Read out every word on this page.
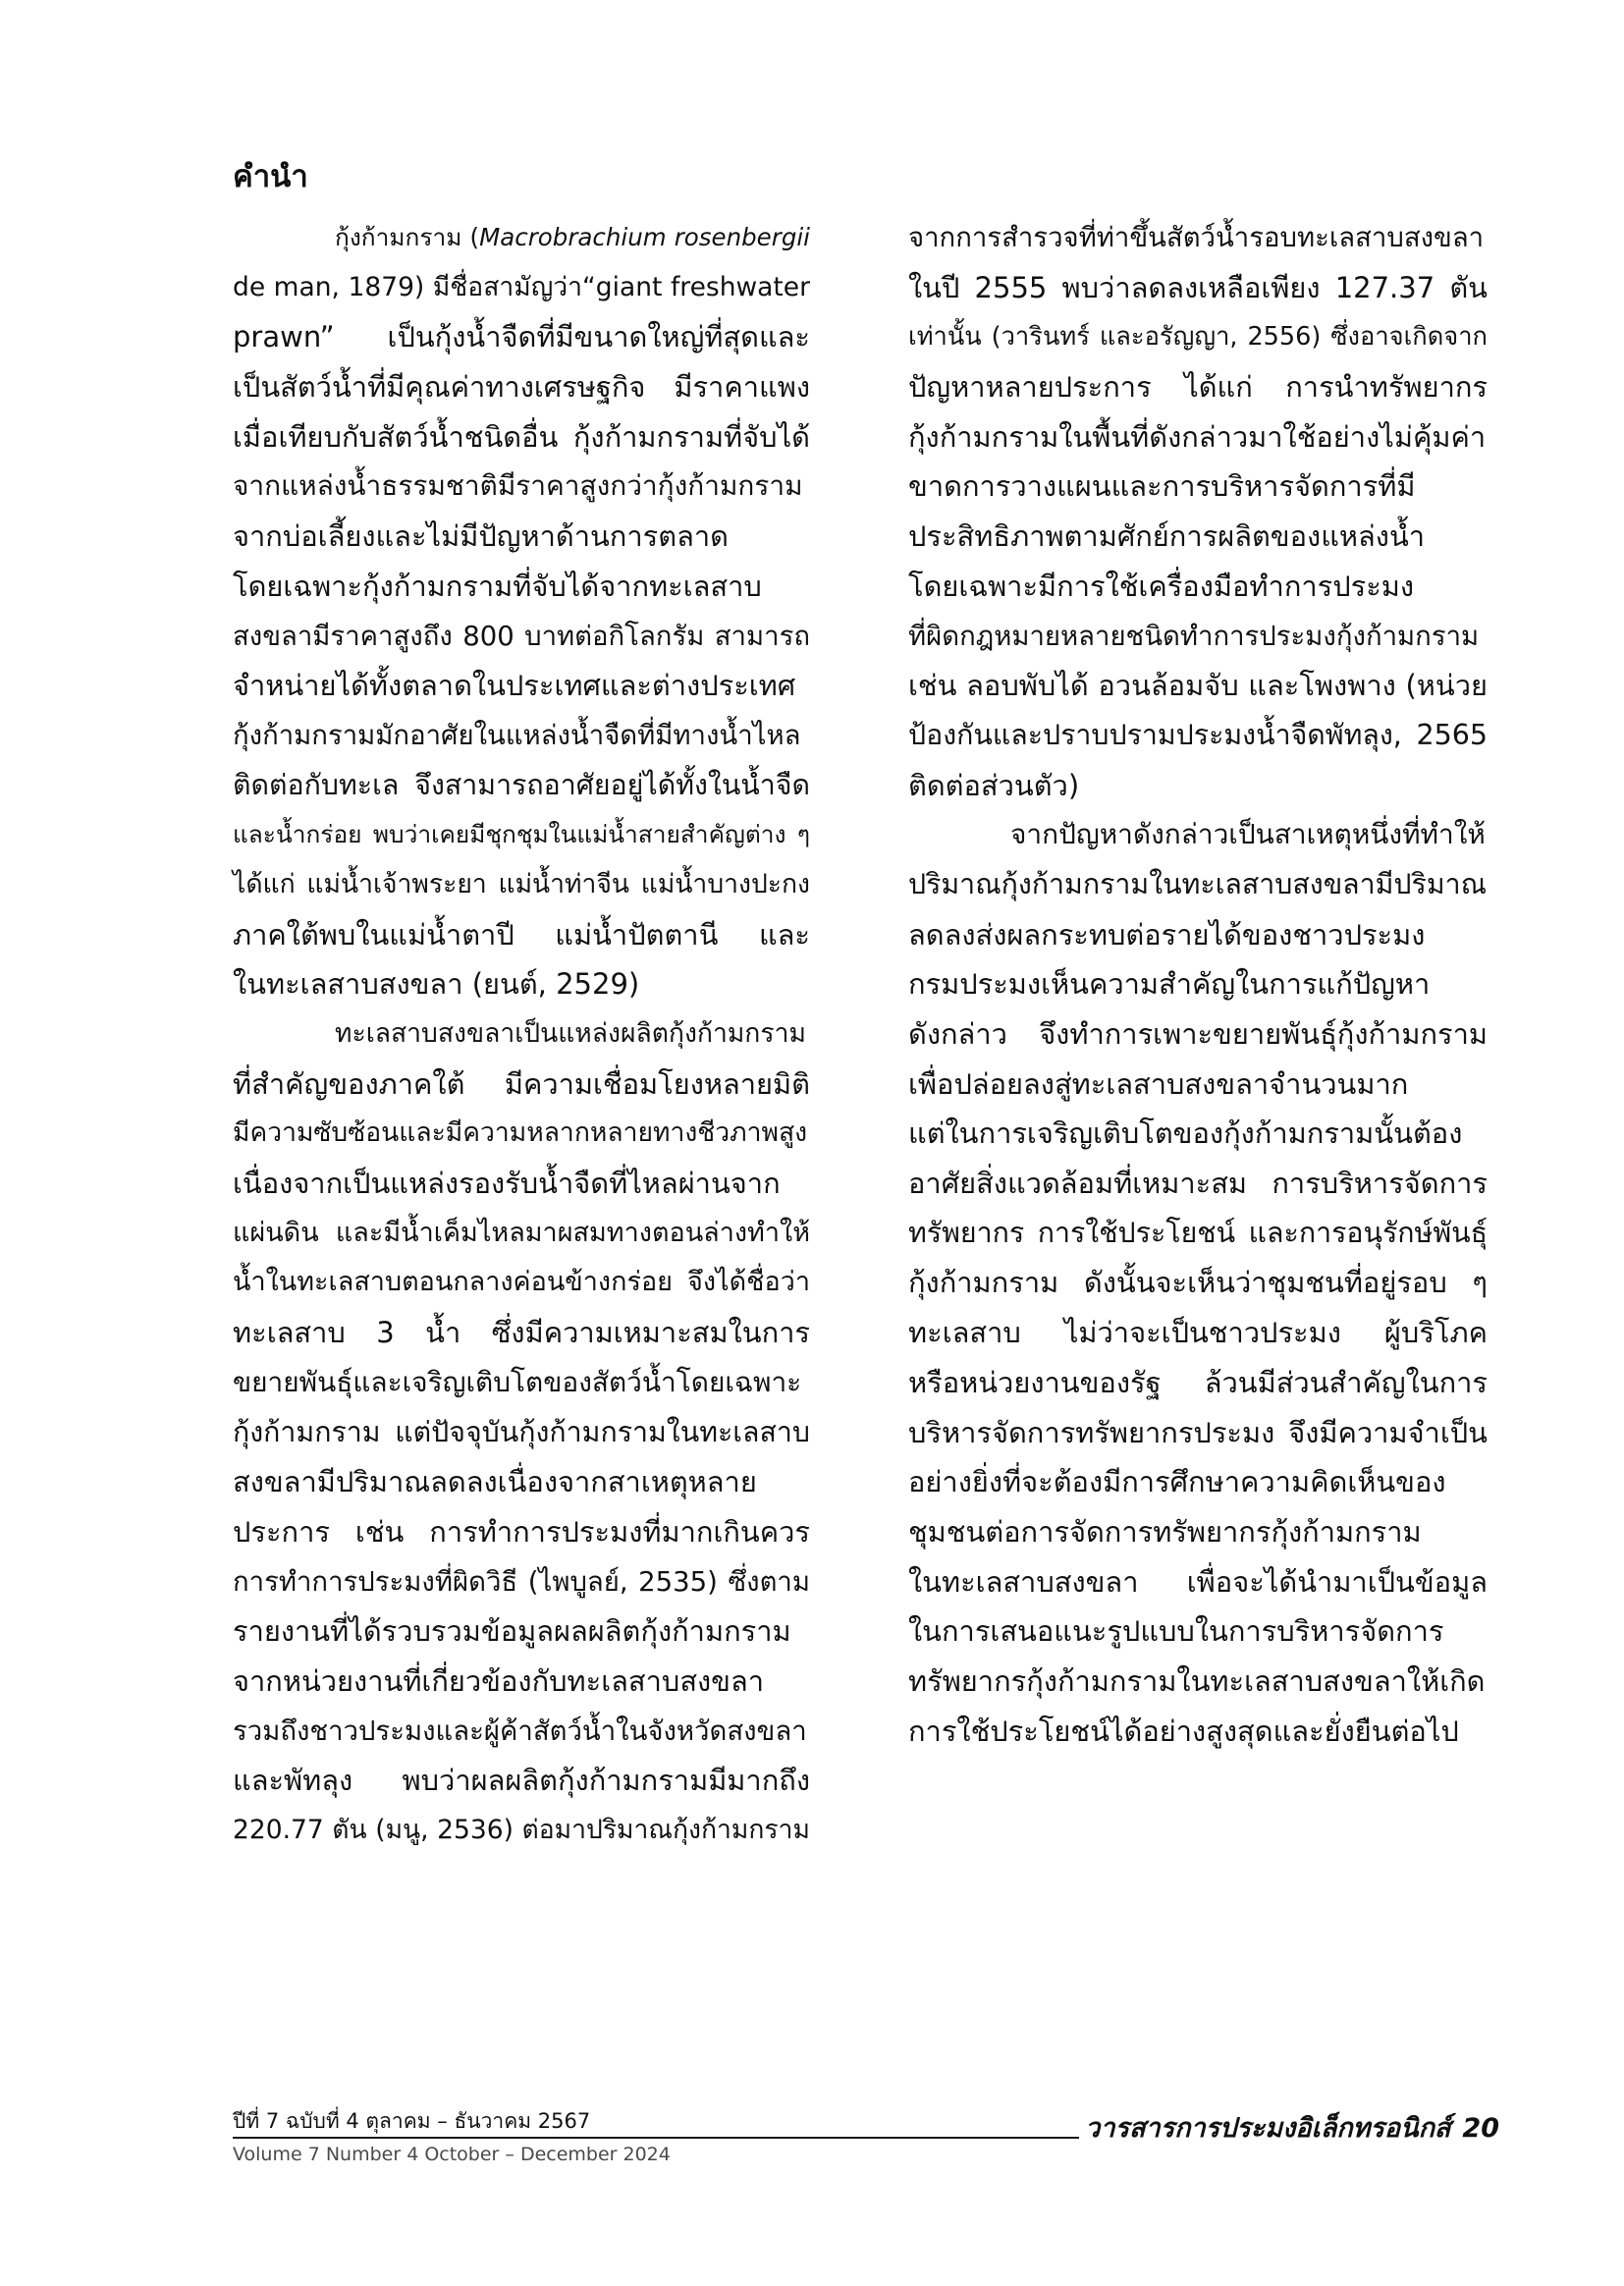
คำนำ
กุ้งก้ามกราม (Macrobrachium rosenbergii
de man, 1879) มีชื่อสามัญว่า“giant freshwater
prawn” เป็นกุ้งน้ำจืดที่มีขนาดใหญ่ที่สุดและ
เป็นสัตว์น้ำที่มีคุณค่าทางเศรษฐกิจ มีราคาแพง
เมื่อเทียบกับสัตว์น้ำชนิดอื่น กุ้งก้ามกรามที่จับได้
จากแหล่งน้ำธรรมชาติมีราคาสูงกว่ากุ้งก้ามกราม
จากบ่อเลี้ยงและไม่มีปัญหาด้านการตลาด
โดยเฉพาะกุ้งก้ามกรามที่จับได้จากทะเลสาบ
สงขลามีราคาสูงถึง 800 บาทต่อกิโลกรัม สามารถ
จำหน่ายได้ทั้งตลาดในประเทศและต่างประเทศ
กุ้งก้ามกรามมักอาศัยในแหล่งน้ำจืดที่มีทางน้ำไหล
ติดต่อกับทะเล จึงสามารถอาศัยอยู่ได้ทั้งในน้ำจืด
และน้ำกร่อย พบว่าเคยมีชุกชุมในแม่น้ำสายสำคัญต่าง ๆ
ได้แก่ แม่น้ำเจ้าพระยา แม่น้ำท่าจีน แม่น้ำบางปะกง
ภาคใต้พบในแม่น้ำตาปี แม่น้ำปัตตานี และ
ในทะเลสาบสงขลา (ยนต์, 2529)
ทะเลสาบสงขลาเป็นแหล่งผลิตกุ้งก้ามกราม
ที่สำคัญของภาคใต้ มีความเชื่อมโยงหลายมิติ
มีความซับซ้อนและมีความหลากหลายทางชีวภาพสูง
เนื่องจากเป็นแหล่งรองรับน้ำจืดที่ไหลผ่านจาก
แผ่นดิน และมีน้ำเค็มไหลมาผสมทางตอนล่างทำให้
น้ำในทะเลสาบตอนกลางค่อนข้างกร่อย จึงได้ชื่อว่า
ทะเลสาบ 3 น้ำ ซึ่งมีความเหมาะสมในการ
ขยายพันธุ์และเจริญเติบโตของสัตว์น้ำโดยเฉพาะ
กุ้งก้ามกราม แต่ปัจจุบันกุ้งก้ามกรามในทะเลสาบ
สงขลามีปริมาณลดลงเนื่องจากสาเหตุหลาย
ประการ เช่น การทำการประมงที่มากเกินควร
การทำการประมงที่ผิดวิธี (ไพบูลย์, 2535) ซึ่งตาม
รายงานที่ได้รวบรวมข้อมูลผลผลิตกุ้งก้ามกราม
จากหน่วยงานที่เกี่ยวข้องกับทะเลสาบสงขลา
รวมถึงชาวประมงและผู้ค้าสัตว์น้ำในจังหวัดสงขลา
และพัทลุง พบว่าผลผลิตกุ้งก้ามกรามมีมากถึง
220.77 ตัน (มนู, 2536) ต่อมาปริมาณกุ้งก้ามกราม
จากการสำรวจที่ท่าขึ้นสัตว์น้ำรอบทะเลสาบสงขลา
ในปี 2555 พบว่าลดลงเหลือเพียง 127.37 ตัน
เท่านั้น (วารินทร์ และอรัญญา, 2556) ซึ่งอาจเกิดจาก
ปัญหาหลายประการ ได้แก่ การนำทรัพยากร
กุ้งก้ามกรามในพื้นที่ดังกล่าวมาใช้อย่างไม่คุ้มค่า
ขาดการวางแผนและการบริหารจัดการที่มี
ประสิทธิภาพตามศักย์การผลิตของแหล่งน้ำ
โดยเฉพาะมีการใช้เครื่องมือทำการประมง
ที่ผิดกฎหมายหลายชนิดทำการประมงกุ้งก้ามกราม
เช่น ลอบพับได้ อวนล้อมจับ และโพงพาง (หน่วย
ป้องกันและปราบปรามประมงน้ำจืดพัทลุง, 2565
ติดต่อส่วนตัว)
จากปัญหาดังกล่าวเป็นสาเหตุหนึ่งที่ทำให้
ปริมาณกุ้งก้ามกรามในทะเลสาบสงขลามีปริมาณ
ลดลงส่งผลกระทบต่อรายได้ของชาวประมง
กรมประมงเห็นความสำคัญในการแก้ปัญหา
ดังกล่าว จึงทำการเพาะขยายพันธุ์กุ้งก้ามกราม
เพื่อปล่อยลงสู่ทะเลสาบสงขลาจำนวนมาก
แต่ในการเจริญเติบโตของกุ้งก้ามกรามนั้นต้อง
อาศัยสิ่งแวดล้อมที่เหมาะสม การบริหารจัดการ
ทรัพยากร การใช้ประโยชน์ และการอนุรักษ์พันธุ์
กุ้งก้ามกราม ดังนั้นจะเห็นว่าชุมชนที่อยู่รอบ ๆ
ทะเลสาบ ไม่ว่าจะเป็นชาวประมง ผู้บริโภค
หรือหน่วยงานของรัฐ ล้วนมีส่วนสำคัญในการ
บริหารจัดการทรัพยากรประมง จึงมีความจำเป็น
อย่างยิ่งที่จะต้องมีการศึกษาความคิดเห็นของ
ชุมชนต่อการจัดการทรัพยากรกุ้งก้ามกราม
ในทะเลสาบสงขลา เพื่อจะได้นำมาเป็นข้อมูล
ในการเสนอแนะรูปแบบในการบริหารจัดการ
ทรัพยากรกุ้งก้ามกรามในทะเลสาบสงขลาให้เกิด
การใช้ประโยชน์ได้อย่างสูงสุดและยั่งยืนต่อไป
ปีที่ 7 ฉบับที่ 4 ตุลาคม – ธันวาคม 2567
Volume 7 Number 4 October – December 2024
วารสารการประมงอิเล็กทรอนิกส์ 20
